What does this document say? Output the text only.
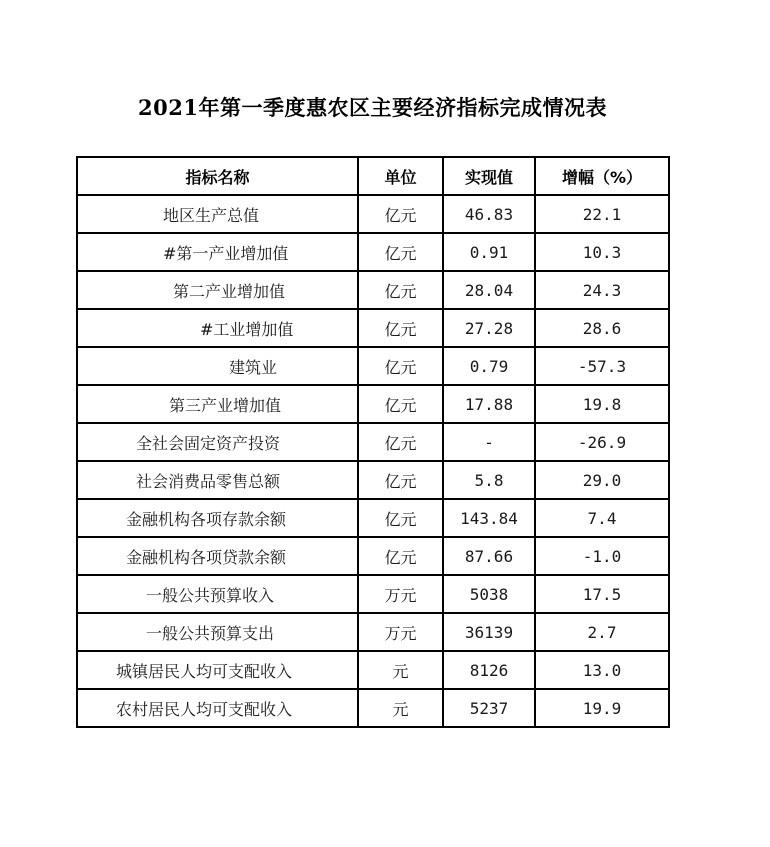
2021年第一季度惠农区主要经济指标完成情况表
指标名称	单位	实现值	增幅（%）
地区生产总值	亿元	46.83	22.1
#第一产业增加值	亿元	0.91	10.3
第二产业增加值	亿元	28.04	24.3
#工业增加值	亿元	27.28	28.6
建筑业	亿元	0.79	-57.3
第三产业增加值	亿元	17.88	19.8
全社会固定资产投资	亿元	-	-26.9
社会消费品零售总额	亿元	5.8	29.0
金融机构各项存款余额	亿元	143.84	7.4
金融机构各项贷款余额	亿元	87.66	-1.0
一般公共预算收入	万元	5038	17.5
一般公共预算支出	万元	36139	2.7
城镇居民人均可支配收入	元	8126	13.0
农村居民人均可支配收入	元	5237	19.9
